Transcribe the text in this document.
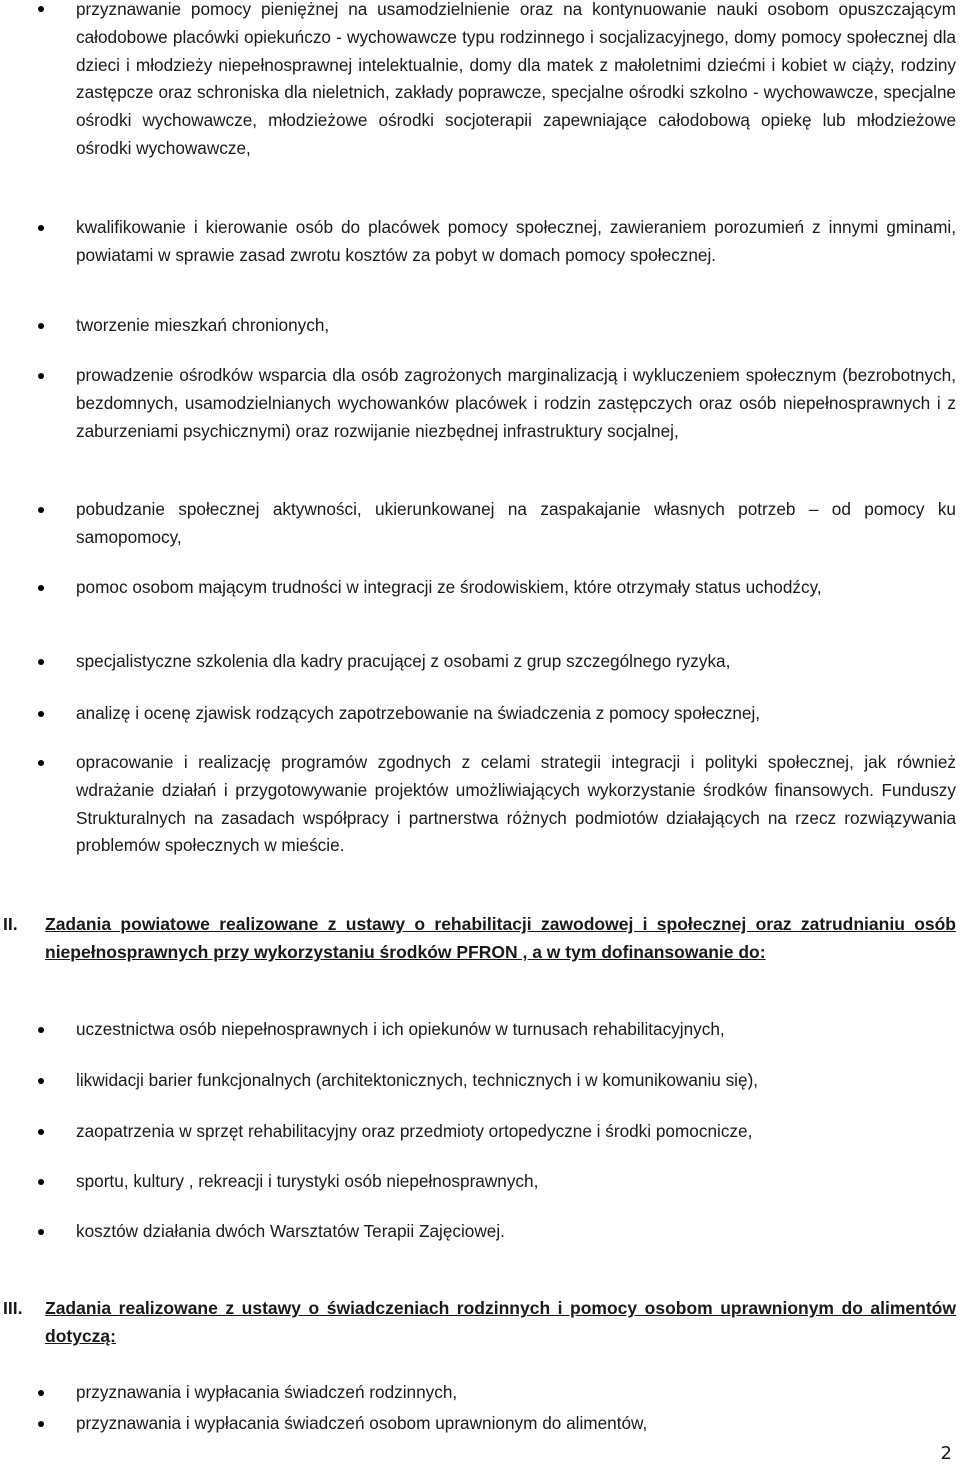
przyznawanie pomocy pieniężnej na usamodzielnienie oraz na kontynuowanie nauki osobom opuszczającym całodobowe placówki opiekuńczo - wychowawcze typu rodzinnego i socjalizacyjnego, domy pomocy społecznej dla dzieci i młodzieży niepełnosprawnej intelektualnie, domy dla matek z małoletnimi dziećmi i kobiet w ciąży, rodziny zastępcze oraz schroniska dla nieletnich, zakłady poprawcze, specjalne ośrodki szkolno - wychowawcze, specjalne ośrodki wychowawcze, młodzieżowe ośrodki socjoterapii zapewniające całodobową opiekę lub młodzieżowe ośrodki wychowawcze,
kwalifikowanie i kierowanie osób do placówek pomocy społecznej, zawieraniem porozumień z innymi gminami, powiatami w sprawie zasad zwrotu kosztów za pobyt w domach pomocy społecznej.
tworzenie mieszkań chronionych,
prowadzenie ośrodków wsparcia dla osób zagrożonych marginalizacją i wykluczeniem społecznym (bezrobotnych, bezdomnych, usamodzielnianych wychowanków placówek i rodzin zastępczych oraz osób niepełnosprawnych i z zaburzeniami psychicznymi) oraz rozwijanie niezbędnej infrastruktury socjalnej,
pobudzanie społecznej aktywności, ukierunkowanej na zaspakajanie własnych potrzeb – od pomocy ku samopomocy,
pomoc osobom mającym trudności w integracji ze środowiskiem, które otrzymały status uchodźcy,
specjalistyczne szkolenia dla kadry pracującej z osobami z grup szczególnego ryzyka,
analizę i ocenę zjawisk rodzących zapotrzebowanie na świadczenia z pomocy społecznej,
opracowanie i realizację programów zgodnych z celami strategii integracji i polityki społecznej, jak również wdrażanie działań i przygotowywanie projektów umożliwiających wykorzystanie środków finansowych. Funduszy Strukturalnych na zasadach współpracy i partnerstwa różnych podmiotów działających na rzecz rozwiązywania problemów społecznych w mieście.
II. Zadania powiatowe realizowane z ustawy o rehabilitacji zawodowej i społecznej oraz zatrudnianiu osób niepełnosprawnych przy wykorzystaniu środków PFRON , a w tym dofinansowanie do:
uczestnictwa osób niepełnosprawnych i ich opiekunów w turnusach rehabilitacyjnych,
likwidacji barier funkcjonalnych (architektonicznych, technicznych i w komunikowaniu się),
zaopatrzenia w sprzęt rehabilitacyjny oraz przedmioty ortopedyczne i środki pomocnicze,
sportu, kultury , rekreacji i turystyki osób niepełnosprawnych,
kosztów działania dwóch Warsztatów Terapii Zajęciowej.
III. Zadania realizowane z ustawy o świadczeniach rodzinnych i pomocy osobom uprawnionym do alimentów dotyczą:
przyznawania i wypłacania świadczeń rodzinnych,
przyznawania i wypłacania świadczeń osobom uprawnionym do alimentów,
2
